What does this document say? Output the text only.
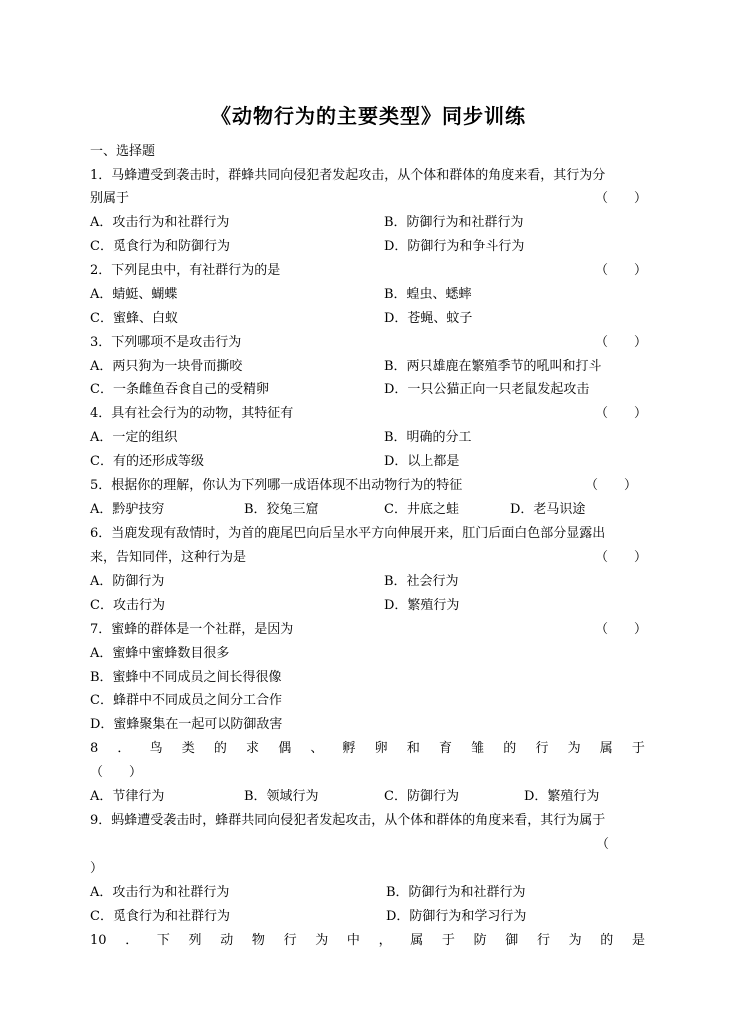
《动物行为的主要类型》同步训练
一、选择题
1．马蜂遭受到袭击时，群蜂共同向侵犯者发起攻击，从个体和群体的角度来看，其行为分
别属于	（　　）
A．攻击行为和社群行为	B．防御行为和社群行为
C．觅食行为和防御行为	D．防御行为和争斗行为
2．下列昆虫中，有社群行为的是	（　　）
A．蜻蜓、蝴蝶	B．蝗虫、蟋蟀
C．蜜蜂、白蚁	D．苍蝇、蚊子
3．下列哪项不是攻击行为	（　　）
A．两只狗为一块骨而撕咬	B．两只雄鹿在繁殖季节的吼叫和打斗
C．一条雌鱼吞食自己的受精卵	D．一只公猫正向一只老鼠发起攻击
4．具有社会行为的动物，其特征有	（　　）
A．一定的组织	B．明确的分工
C．有的还形成等级	D．以上都是
5．根据你的理解，你认为下列哪一成语体现不出动物行为的特征	（　　）
A．黔驴技穷	B．狡兔三窟	C．井底之蛙	D．老马识途
6．当鹿发现有敌情时，为首的鹿尾巴向后呈水平方向伸展开来，肛门后面白色部分显露出
来，告知同伴，这种行为是	（　　）
A．防御行为	B．社会行为
C．攻击行为	D．繁殖行为
7．蜜蜂的群体是一个社群，是因为	（　　）
A．蜜蜂中蜜蜂数目很多
B．蜜蜂中不同成员之间长得很像
C．蜂群中不同成员之间分工合作
D．蜜蜂聚集在一起可以防御敌害
8 ． 鸟 类 的 求 偶 、 孵 卵 和 育 雏 的 行 为 属 于
（　　）
A．节律行为	B．领域行为	C．防御行为	D．繁殖行为
9．蚂蜂遭受袭击时，蜂群共同向侵犯者发起攻击，从个体和群体的角度来看，其行为属于
（
）
A．攻击行为和社群行为	B．防御行为和社群行为
C．觅食行为和社群行为	D．防御行为和学习行为
10 ． 下 列 动 物 行 为 中 ， 属 于 防 御 行 为 的 是
